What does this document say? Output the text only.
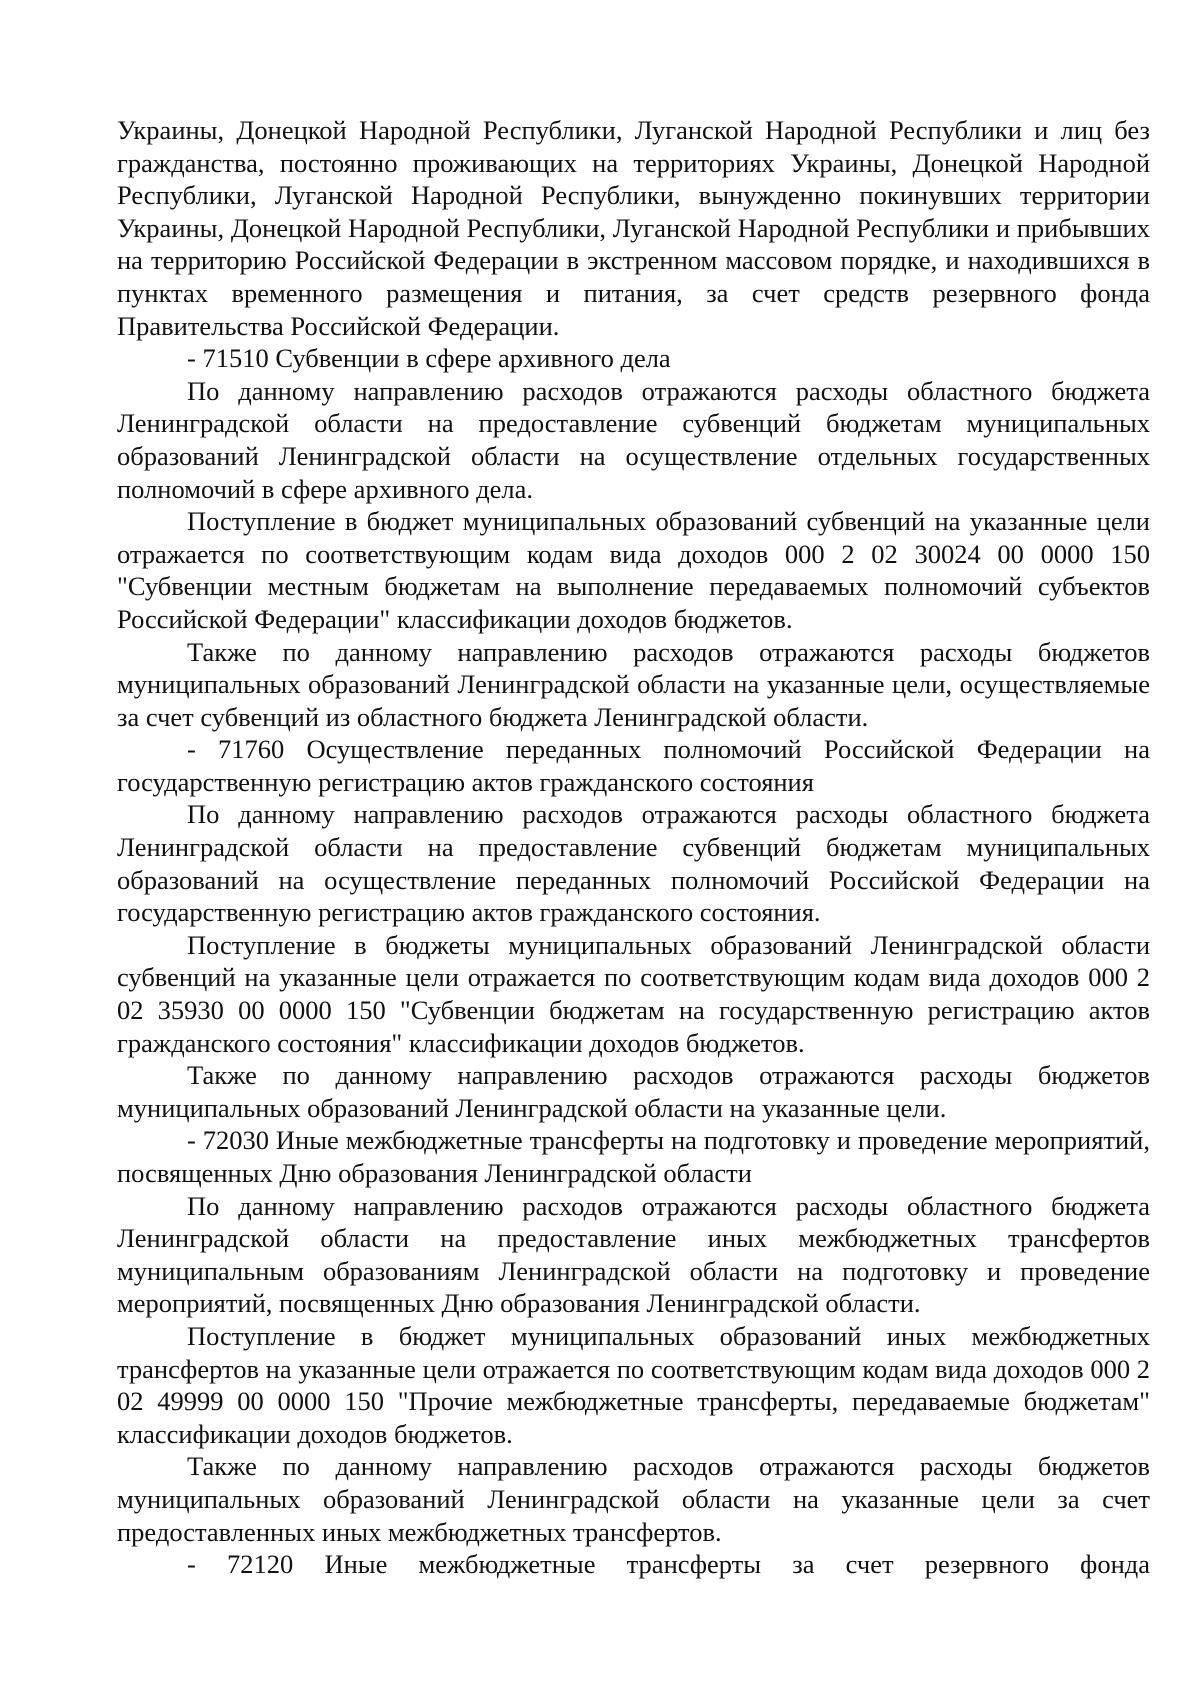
Украины, Донецкой Народной Республики, Луганской Народной Республики и лиц без гражданства, постоянно проживающих на территориях Украины, Донецкой Народной Республики, Луганской Народной Республики, вынужденно покинувших территории Украины, Донецкой Народной Республики, Луганской Народной Республики и прибывших на территорию Российской Федерации в экстренном массовом порядке, и находившихся в пунктах временного размещения и питания, за счет средств резервного фонда Правительства Российской Федерации.

- 71510 Субвенции в сфере архивного дела

По данному направлению расходов отражаются расходы областного бюджета Ленинградской области на предоставление субвенций бюджетам муниципальных образований Ленинградской области на осуществление отдельных государственных полномочий в сфере архивного дела.

Поступление в бюджет муниципальных образований субвенций на указанные цели отражается по соответствующим кодам вида доходов 000 2 02 30024 00 0000 150 "Субвенции местным бюджетам на выполнение передаваемых полномочий субъектов Российской Федерации" классификации доходов бюджетов.

Также по данному направлению расходов отражаются расходы бюджетов муниципальных образований Ленинградской области на указанные цели, осуществляемые за счет субвенций из областного бюджета Ленинградской области.

- 71760 Осуществление переданных полномочий Российской Федерации на государственную регистрацию актов гражданского состояния

По данному направлению расходов отражаются расходы областного бюджета Ленинградской области на предоставление субвенций бюджетам муниципальных образований на осуществление переданных полномочий Российской Федерации на государственную регистрацию актов гражданского состояния.

Поступление в бюджеты муниципальных образований Ленинградской области субвенций на указанные цели отражается по соответствующим кодам вида доходов 000 2 02 35930 00 0000 150 "Субвенции бюджетам на государственную регистрацию актов гражданского состояния" классификации доходов бюджетов.

Также по данному направлению расходов отражаются расходы бюджетов муниципальных образований Ленинградской области на указанные цели.

- 72030 Иные межбюджетные трансферты на подготовку и проведение мероприятий, посвященных Дню образования Ленинградской области

По данному направлению расходов отражаются расходы областного бюджета Ленинградской области на предоставление иных межбюджетных трансфертов муниципальным образованиям Ленинградской области на подготовку и проведение мероприятий, посвященных Дню образования Ленинградской области.

Поступление в бюджет муниципальных образований иных межбюджетных трансфертов на указанные цели отражается по соответствующим кодам вида доходов 000 2 02 49999 00 0000 150 "Прочие межбюджетные трансферты, передаваемые бюджетам" классификации доходов бюджетов.

Также по данному направлению расходов отражаются расходы бюджетов муниципальных образований Ленинградской области на указанные цели за счет предоставленных иных межбюджетных трансфертов.

- 72120 Иные межбюджетные трансферты за счет резервного фонда
